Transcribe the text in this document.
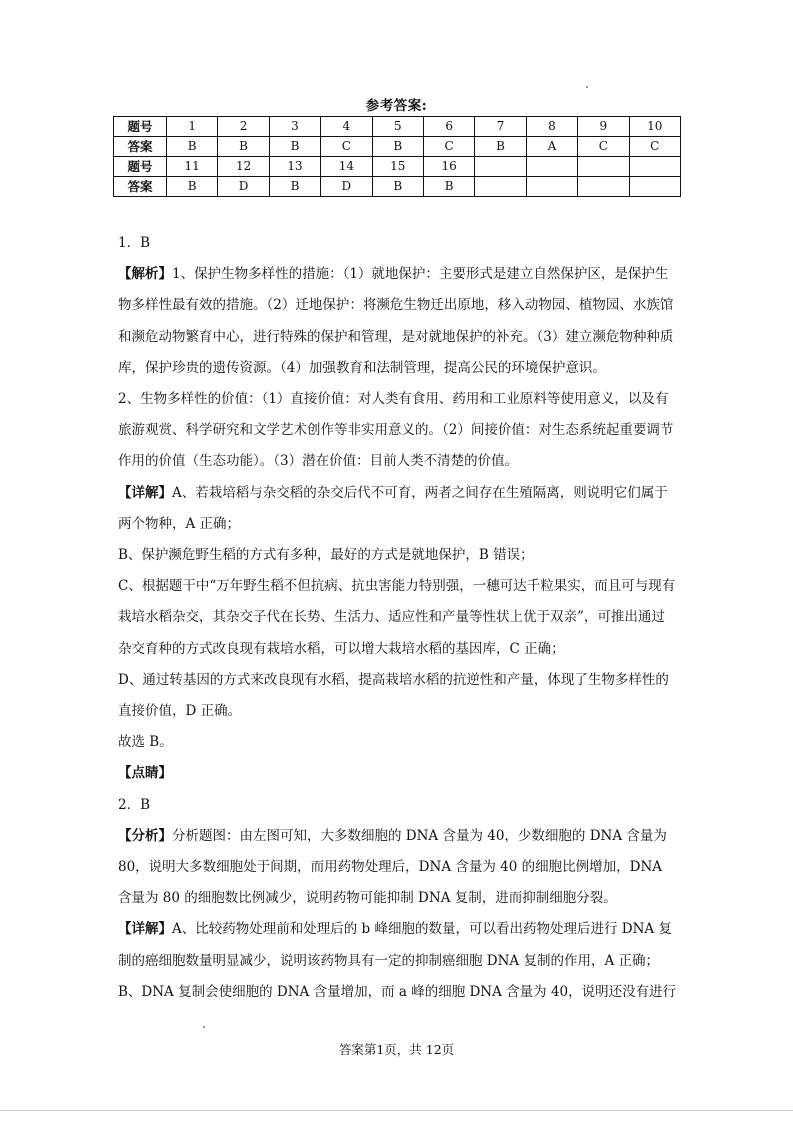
参考答案:
题号	1	2	3	4	5	6	7	8	9	10
答案	B	B	B	C	B	C	B	A	C	C
题号	11	12	13	14	15	16				
答案	B	D	B	D	B	B				

1．B

【解析】1、保护生物多样性的措施：（1）就地保护：主要形式是建立自然保护区，是保护生物多样性最有效的措施。（2）迁地保护：将濒危生物迁出原地，移入动物园、植物园、水族馆和濒危动物繁育中心，进行特殊的保护和管理，是对就地保护的补充。（3）建立濒危物种种质库，保护珍贵的遗传资源。（4）加强教育和法制管理，提高公民的环境保护意识。

2、生物多样性的价值：（1）直接价值：对人类有食用、药用和工业原料等使用意义，以及有旅游观赏、科学研究和文学艺术创作等非实用意义的。（2）间接价值：对生态系统起重要调节作用的价值（生态功能）。（3）潜在价值：目前人类不清楚的价值。

【详解】A、若栽培稻与杂交稻的杂交后代不可育，两者之间存在生殖隔离，则说明它们属于两个物种，A 正确；

B、保护濒危野生稻的方式有多种，最好的方式是就地保护，B 错误；

C、根据题干中“万年野生稻不但抗病、抗虫害能力特别强，一穗可达千粒果实，而且可与现有栽培水稻杂交，其杂交子代在长势、生活力、适应性和产量等性状上优于双亲”，可推出通过杂交育种的方式改良现有栽培水稻，可以增大栽培水稻的基因库，C 正确；

D、通过转基因的方式来改良现有水稻，提高栽培水稻的抗逆性和产量，体现了生物多样性的直接价值，D 正确。

故选 B。

【点睛】

2．B

【分析】分析题图：由左图可知，大多数细胞的 DNA 含量为 40，少数细胞的 DNA 含量为80，说明大多数细胞处于间期，而用药物处理后，DNA 含量为 40 的细胞比例增加，DNA 含量为 80 的细胞数比例减少，说明药物可能抑制 DNA 复制，进而抑制细胞分裂。

【详解】A、比较药物处理前和处理后的 b 峰细胞的数量，可以看出药物处理后进行 DNA 复制的癌细胞数量明显减少，说明该药物具有一定的抑制癌细胞 DNA 复制的作用，A 正确；

B、DNA 复制会使细胞的 DNA 含量增加，而 a 峰的细胞 DNA 含量为 40，说明还没有进行

答案第1页，共 12页
